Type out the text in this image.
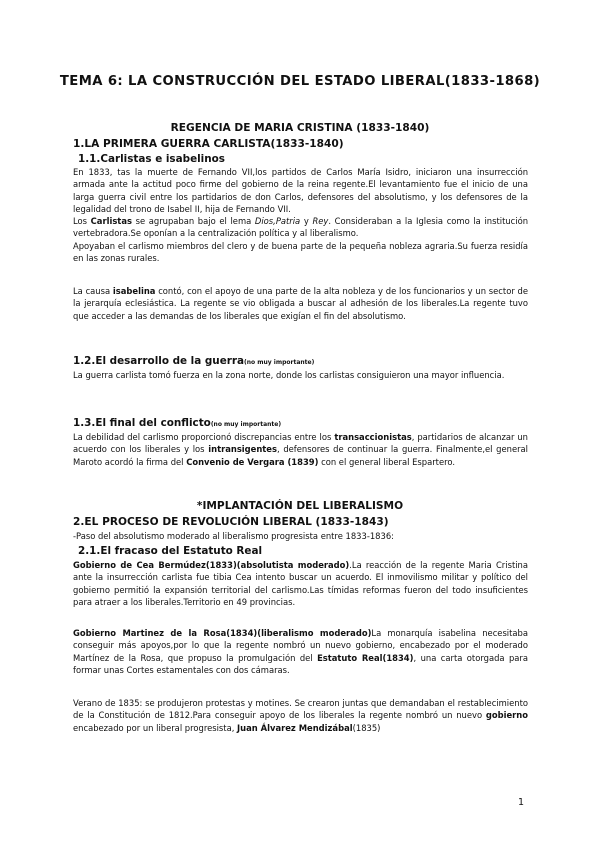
TEMA 6: LA CONSTRUCCIÓN DEL ESTADO LIBERAL(1833-1868)
REGENCIA DE MARIA CRISTINA (1833-1840)
1.LA PRIMERA GUERRA CARLISTA(1833-1840)
1.1.Carlistas e isabelinos

En 1833, tas la muerte de Fernando VII,los partidos de Carlos María Isidro, iniciaron una insurrección armada ante la actitud poco firme del gobierno de la reina regente.El levantamiento fue el inicio de una larga guerra civil entre los partidarios de don Carlos, defensores del absolutismo, y los defensores de la legalidad del trono de Isabel II, hija de Fernando VII.

Los Carlistas se agrupaban bajo el lema Dios,Patria y Rey. Consideraban a la Iglesia como la institución vertebradora.Se oponían a la centralización política y al liberalismo.

Apoyaban el carlismo miembros del clero y de buena parte de la pequeña nobleza agraria.Su fuerza residía en las zonas rurales.

La causa isabelina contó, con el apoyo de una parte de la alta nobleza y de los funcionarios y un sector de la jerarquía eclesiástica. La regente se vio obligada a buscar al adhesión de los liberales.La regente tuvo que acceder a las demandas de los liberales que exigían el fin del absolutismo.

1.2.El desarrollo de la guerra(no muy importante)

La guerra carlista tomó fuerza en la zona norte, donde los carlistas consiguieron una mayor influencia.

1.3.El final del conflicto(no muy importante)

La debilidad del carlismo proporcionó discrepancias entre los transaccionistas, partidarios de alcanzar un acuerdo con los liberales y los intransigentes, defensores de continuar la guerra. Finalmente,el general Maroto acordó la firma del Convenio de Vergara (1839) con el general liberal Espartero.

*IMPLANTACIÓN DEL LIBERALISMO
2.EL PROCESO DE REVOLUCIÓN LIBERAL (1833-1843)

-Paso del absolutismo moderado al liberalismo progresista entre 1833-1836:

2.1.El fracaso del Estatuto Real

Gobierno de Cea Bermúdez(1833)(absolutista moderado).La reacción de la regente Maria Cristina ante la insurrección carlista fue tibia Cea intento buscar un acuerdo. El inmovilismo militar y político del gobierno permitió la expansión territorial del carlismo.Las tímidas reformas fueron del todo insuficientes para atraer a los liberales.Territorio en 49 provincias.

Gobierno Martinez de la Rosa(1834)(liberalismo moderado)La monarquía isabelina necesitaba conseguir más apoyos,por lo que la regente nombró un nuevo gobierno, encabezado por el moderado Martínez de la Rosa, que propuso la promulgación del Estatuto Real(1834), una carta otorgada para formar unas Cortes estamentales con dos cámaras.

Verano de 1835: se produjeron protestas y motines. Se crearon juntas que demandaban el restablecimiento de la Constitución de 1812.Para conseguir apoyo de los liberales la regente nombró un nuevo gobierno encabezado por un liberal progresista, Juan Álvarez Mendizábal(1835)

1
